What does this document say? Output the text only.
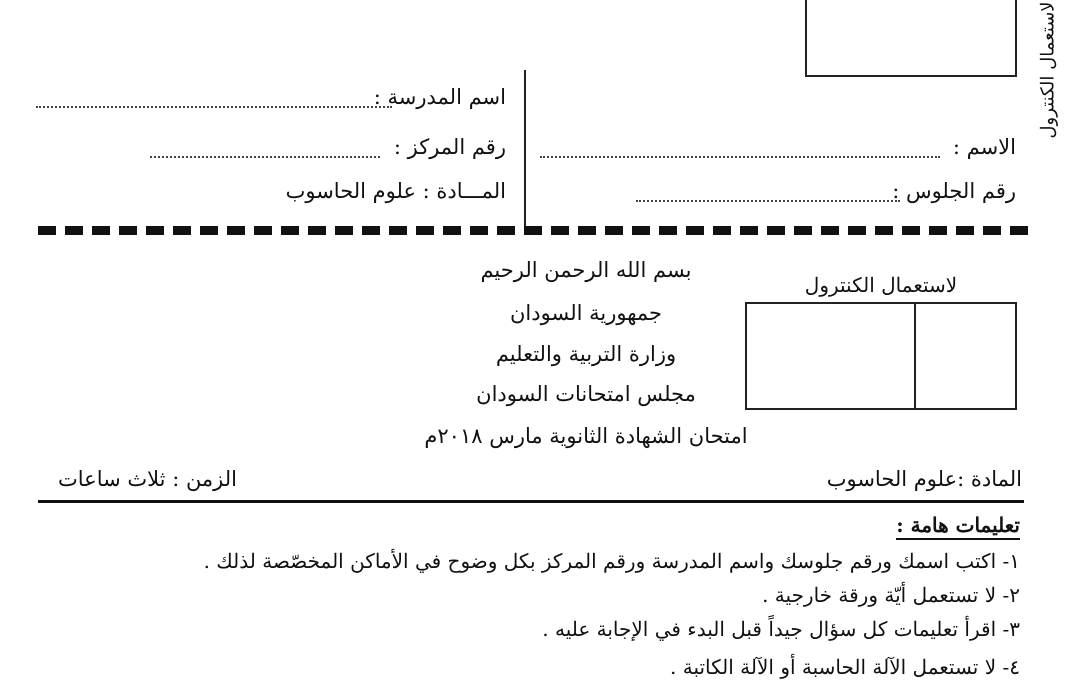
لاستعمال الكنترول
اسم المدرسة :
رقم المركز :
المـــادة : علوم الحاسوب
الاسم :
رقم الجلوس :
بسم الله الرحمن الرحيم
جمهورية السودان
وزارة التربية والتعليم
مجلس امتحانات السودان
امتحان الشهادة الثانوية مارس ٢٠١٨م
لاستعمال الكنترول
المادة :علوم الحاسوب
الزمن : ثلاث ساعات
تعليمات هامة :
١- اكتب اسمك ورقم جلوسك واسم المدرسة ورقم المركز بكل وضوح في الأماكن المخصّصة لذلك .
٢- لا تستعمل أيّة ورقة خارجية .
٣- اقرأ تعليمات كل سؤال جيداً قبل البدء في الإجابة عليه .
٤- لا تستعمل الآلة الحاسبة أو الآلة الكاتبة .
